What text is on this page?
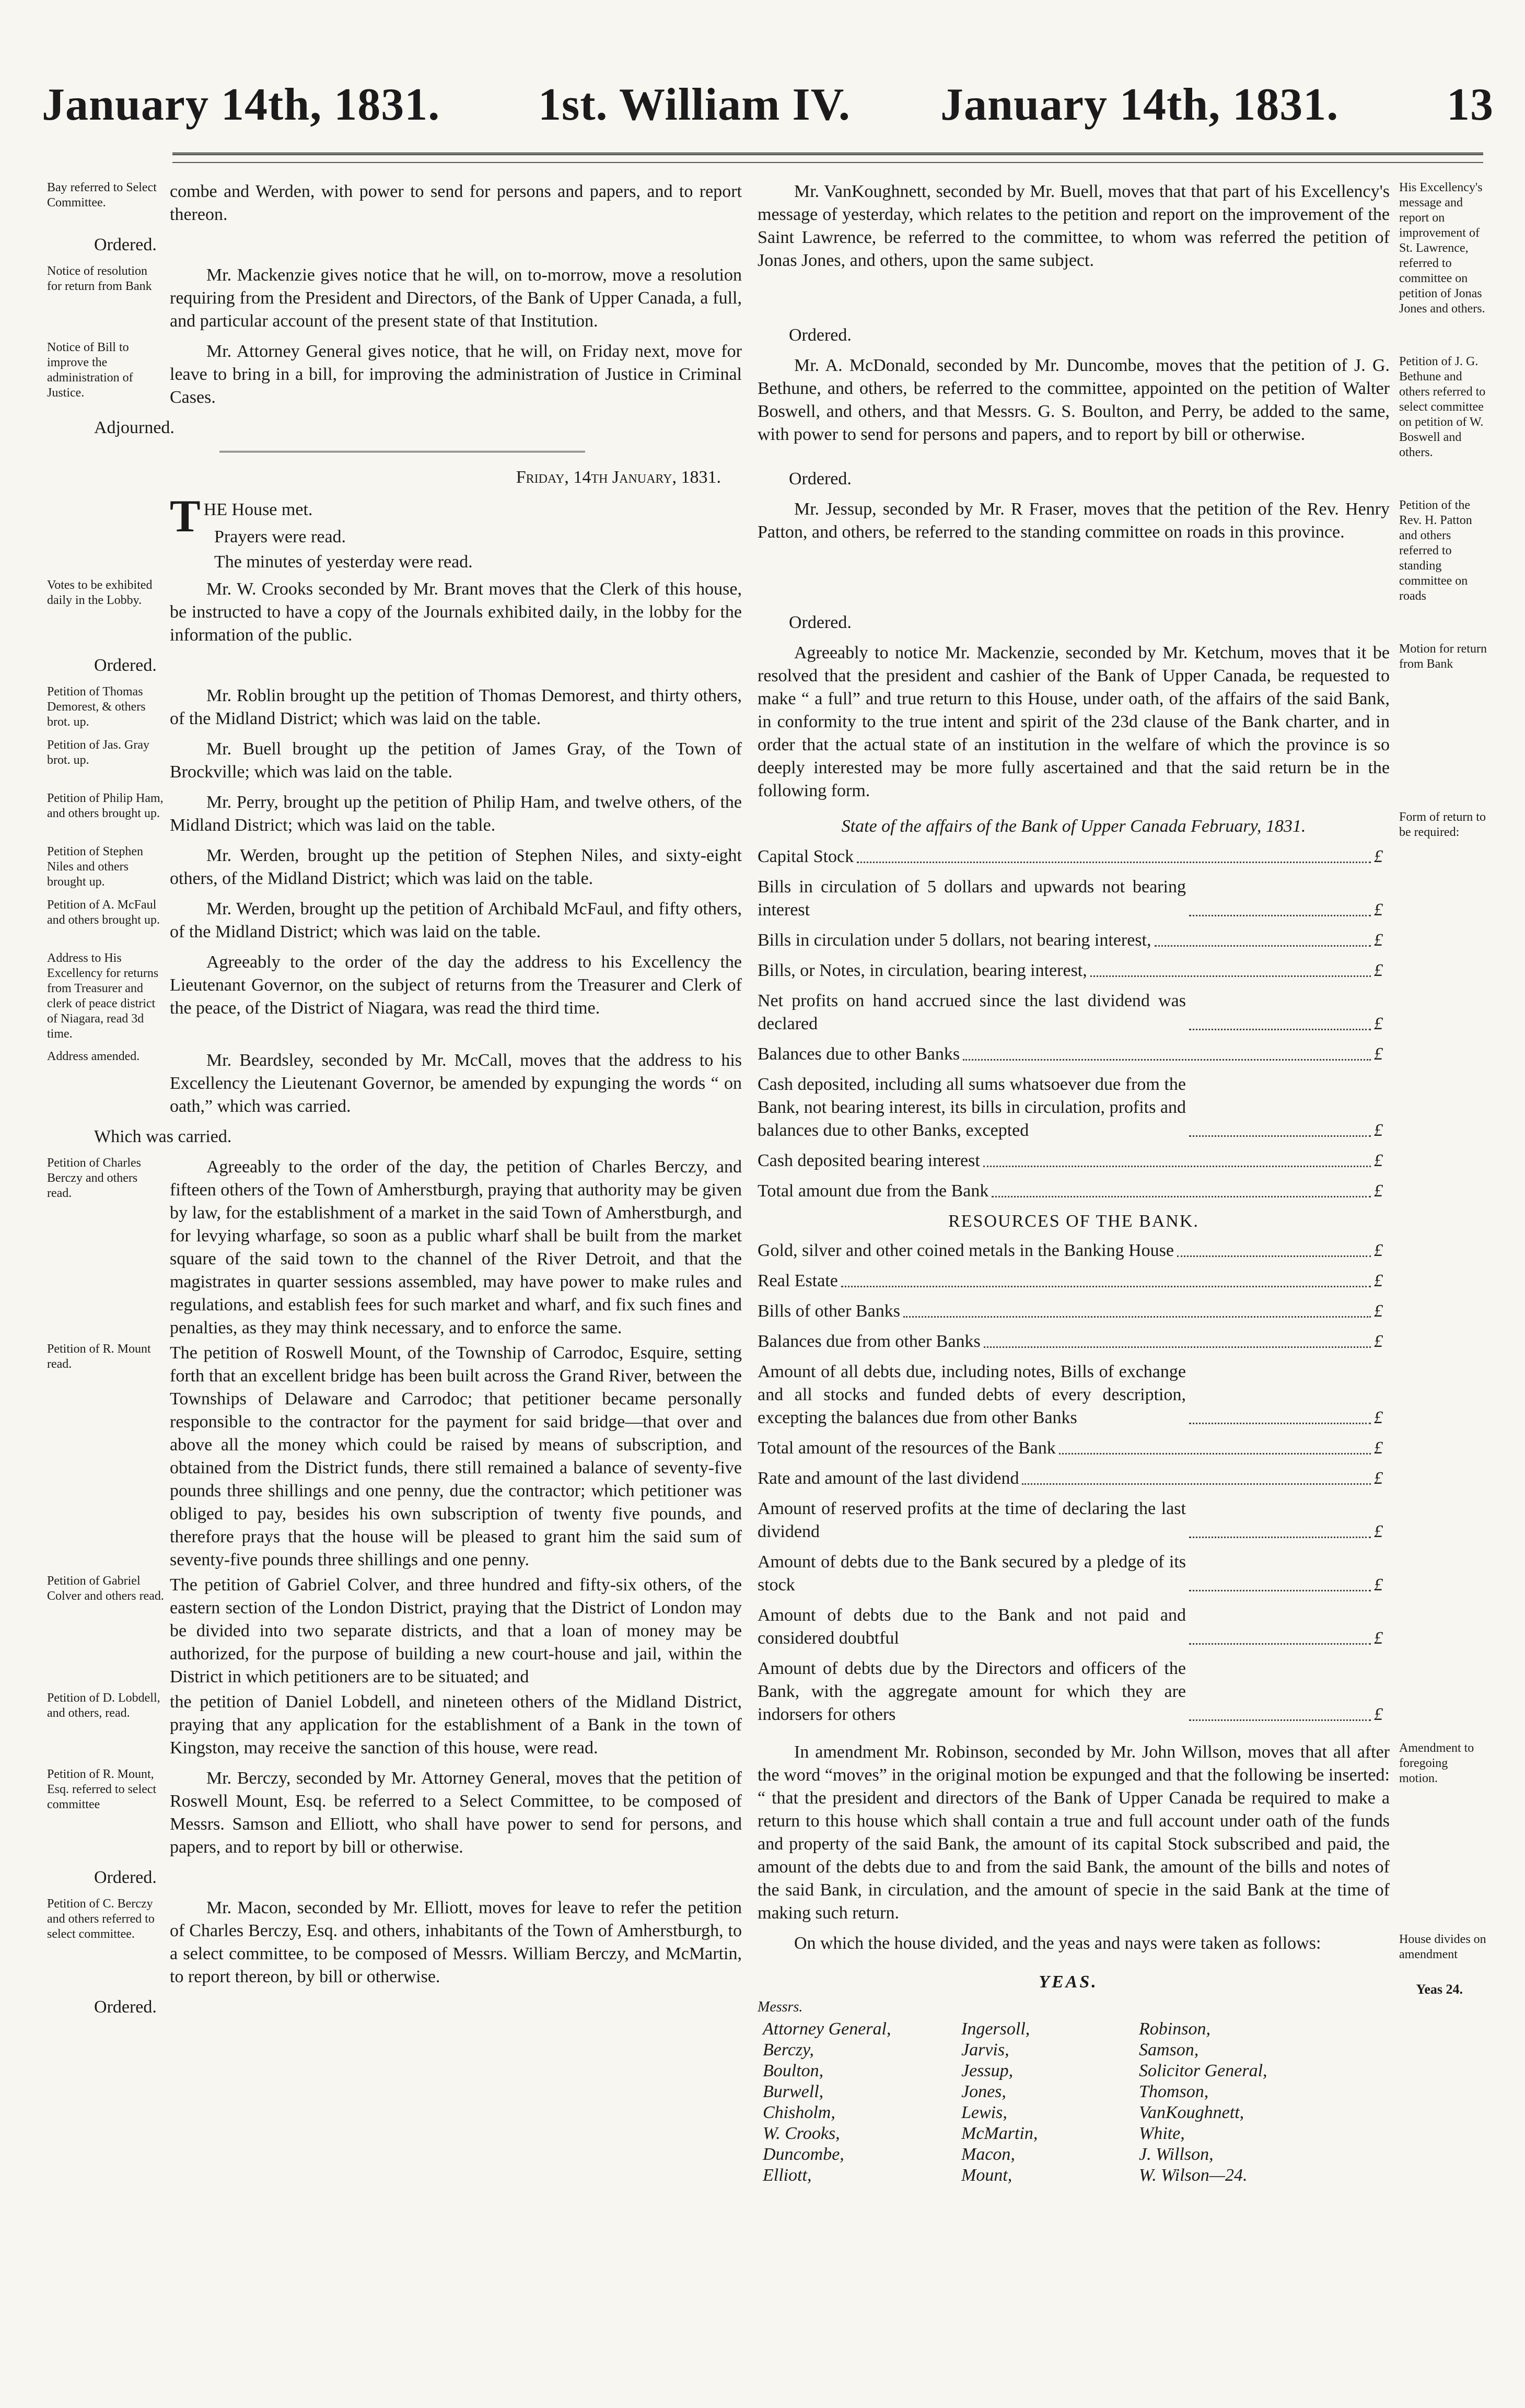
January 14th, 1831. 1st. William IV. January 14th, 1831. 13
Bay referred to Select Committee.
combe and Werden, with power to send for persons and papers, and to report thereon.
Ordered.
Notice of resolution for return from Bank
Mr. Mackenzie gives notice that he will, on to-morrow, move a resolution requiring from the President and Directors, of the Bank of Upper Canada, a full, and particular account of the present state of that Institution.
Notice of Bill to improve the administration of Justice.
Mr. Attorney General gives notice, that he will, on Friday next, move for leave to bring in a bill, for improving the administration of Justice in Criminal Cases.
Adjourned.
Friday, 14th January, 1831.
T HE House met.
Prayers were read.
The minutes of yesterday were read.
Votes to be exhibited daily in the Lobby.
Mr. W. Crooks seconded by Mr. Brant moves that the Clerk of this house, be instructed to have a copy of the Journals exhibited daily, in the lobby for the information of the public.
Ordered.
Petition of Thomas Demorest, & others brot. up.
Mr. Roblin brought up the petition of Thomas Demorest, and thirty others, of the Midland District; which was laid on the table.
Petition of Jas. Gray brot. up.
Mr. Buell brought up the petition of James Gray, of the Town of Brockville; which was laid on the table.
Petition of Philip Ham, and others brought up.
Mr. Perry, brought up the petition of Philip Ham, and twelve others, of the Midland District; which was laid on the table.
Petition of Stephen Niles and others brought up.
Mr. Werden, brought up the petition of Stephen Niles, and sixty-eight others, of the Midland District; which was laid on the table.
Petition of A. McFaul and others brought up.
Mr. Werden, brought up the petition of Archibald McFaul, and fifty others, of the Midland District; which was laid on the table.
Address to His Excellency for returns from Treasurer and clerk of peace district of Niagara, read 3d time.
Agreeably to the order of the day the address to his Excellency the Lieutenant Governor, on the subject of returns from the Treasurer and Clerk of the peace, of the District of Niagara, was read the third time.
Address amended.	Mr. Beardsley, seconded by Mr. McCall, moves that the address to his Excellency the Lieutenant Governor, be amended by expunging the words “ on oath,” which was carried.
Which was carried.
Petition of Charles Berczy and others read.
Agreeably to the order of the day, the petition of Charles Berczy, and fifteen others of the Town of Amherstburgh, praying that authority may be given by law, for the establishment of a market in the said Town of Amherstburgh, and for levying wharfage, so soon as a public wharf shall be built from the market square of the said town to the channel of the River Detroit, and that the magistrates in quarter sessions assembled, may have power to make rules and regulations, and establish fees for such market and wharf, and fix such fines and penalties, as they may think necessary, and to enforce the same.
Petition of R. Mount read.
The petition of Roswell Mount, of the Township of Carrodoc, Esquire, setting forth that an excellent bridge has been built across the Grand River, between the Townships of Delaware and Carrodoc; that petitioner became personally responsible to the contractor for the payment for said bridge—that over and above all the money which could be raised by means of subscription, and obtained from the District funds, there still remained a balance of seventy-five pounds three shillings and one penny, due the contractor; which petitioner was obliged to pay, besides his own subscription of twenty five pounds, and therefore prays that the house will be pleased to grant him the said sum of seventy-five pounds three shillings and one penny.
Petition of Gabriel Colver and others read.
The petition of Gabriel Colver, and three hundred and fifty-six others, of the eastern section of the London District, praying that the District of London may be divided into two separate districts, and that a loan of money may be authorized, for the purpose of building a new court-house and jail, within the District in which petitioners are to be situated; and
Petition of D. Lobdell, and others, read.
the petition of Daniel Lobdell, and nineteen others of the Midland District, praying that any application for the establishment of a Bank in the town of Kingston, may receive the sanction of this house, were read.
Petition of R. Mount, Esq. referred to select committee
Mr. Berczy, seconded by Mr. Attorney General, moves that the petition of Roswell Mount, Esq. be referred to a Select Committee, to be composed of Messrs. Samson and Elliott, who shall have power to send for persons, and papers, and to report by bill or otherwise.
Ordered.
Petition of C. Berczy and others referred to select committee.
Mr. Macon, seconded by Mr. Elliott, moves for leave to refer the petition of Charles Berczy, Esq. and others, inhabitants of the Town of Amherstburgh, to a select committee, to be composed of Messrs. William Berczy, and McMartin, to report thereon, by bill or otherwise.
Ordered.
His Excellency's message and report on improvement of St. Lawrence, referred to committee on petition of Jonas Jones and others.
Mr. VanKoughnett, seconded by Mr. Buell, moves that that part of his Excellency's message of yesterday, which relates to the petition and report on the improvement of the Saint Lawrence, be referred to the committee, to whom was referred the petition of Jonas Jones, and others, upon the same subject.
Ordered.
Petition of J. G. Bethune and others referred to select committee on petition of W. Boswell and others.
Mr. A. McDonald, seconded by Mr. Duncombe, moves that the petition of J. G. Bethune, and others, be referred to the committee, appointed on the petition of Walter Boswell, and others, and that Messrs. G. S. Boulton, and Perry, be added to the same, with power to send for persons and papers, and to report by bill or otherwise.
Ordered.
Petition of the Rev. H. Patton and others referred to standing committee on roads
Mr. Jessup, seconded by Mr. R Fraser, moves that the petition of the Rev. Henry Patton, and others, be referred to the standing committee on roads in this province.
Ordered.
Motion for return from Bank
Agreeably to notice Mr. Mackenzie, seconded by Mr. Ketchum, moves that it be resolved that the president and cashier of the Bank of Upper Canada, be requested to make “ a full” and true return to this House, under oath, of the affairs of the said Bank, in conformity to the true intent and spirit of the 23d clause of the Bank charter, and in order that the actual state of an institution in the welfare of which the province is so deeply interested may be more fully ascertained and that the said return be in the following form.
Form of return to be required:
State of the affairs of the Bank of Upper Canada February, 1831.
Capital Stock	£
Bills in circulation of 5 dollars and upwards not bearing interest	£
Bills in circulation under 5 dollars, not bearing interest,	£
Bills, or Notes, in circulation, bearing interest,	£
Net profits on hand accrued since the last dividend was declared	£
Balances due to other Banks	£
Cash deposited, including all sums whatsoever due from the Bank, not bearing interest, its bills in circulation, profits and balances due to other Banks, excepted	£
Cash deposited bearing interest	£
Total amount due from the Bank	£
RESOURCES OF THE BANK.
Gold, silver and other coined metals in the Banking House	£
Real Estate	£
Bills of other Banks	£
Balances due from other Banks	£
Amount of all debts due, including notes, Bills of exchange and all stocks and funded debts of every description, excepting the balances due from other Banks	£
Total amount of the resources of the Bank	£
Rate and amount of the last dividend	£
Amount of reserved profits at the time of declaring the last dividend	£
Amount of debts due to the Bank secured by a pledge of its stock	£
Amount of debts due to the Bank and not paid and considered doubtful	£
Amount of debts due by the Directors and officers of the Bank, with the aggregate amount for which they are indorsers for others	£
Amendment to foregoing motion.
In amendment Mr. Robinson, seconded by Mr. John Willson, moves that all after the word “moves” in the original motion be expunged and that the following be inserted: “ that the president and directors of the Bank of Upper Canada be required to make a return to this house which shall contain a true and full account under oath of the funds and property of the said Bank, the amount of its capital Stock subscribed and paid, the amount of the debts due to and from the said Bank, the amount of the bills and notes of the said Bank, in circulation, and the amount of specie in the said Bank at the time of making such return.
House divides on amendment
On which the house divided, and the yeas and nays were taken as follows:
YEAS.	Yeas 24.
Messrs.
Attorney General,	Ingersoll,	Robinson,
Berczy,	Jarvis,	Samson,
Boulton,	Jessup,	Solicitor General,
Burwell,	Jones,	Thomson,
Chisholm,	Lewis,	VanKoughnett,
W. Crooks,	McMartin,	White,
Duncombe,	Macon,	J. Willson,
Elliott,	Mount,	W. Wilson—24.
